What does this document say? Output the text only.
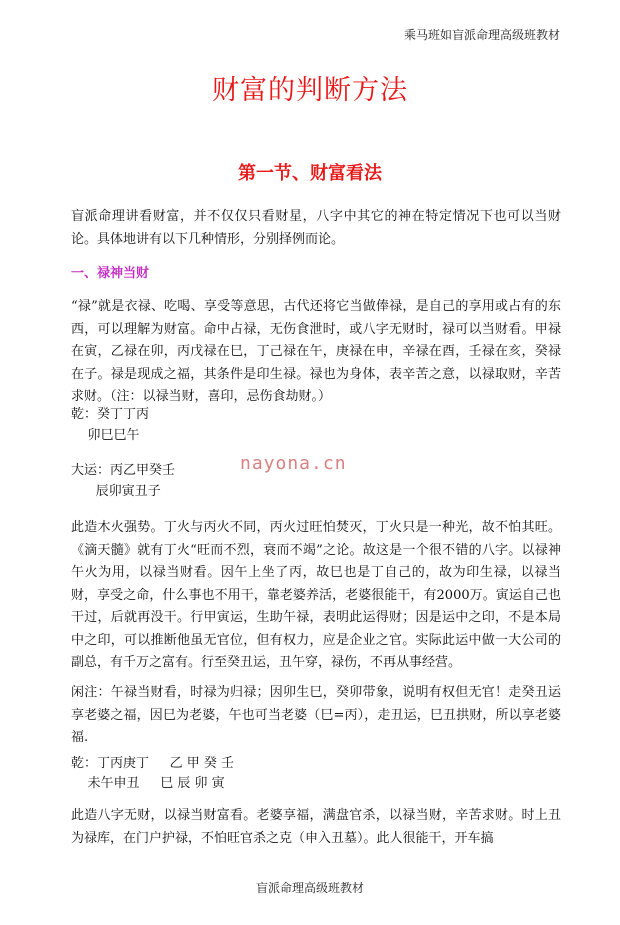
乘马班如盲派命理高级班教材
财富的判断方法
第一节、财富看法
盲派命理讲看财富，并不仅仅只看财星，八字中其它的神在特定情况下也可以当财论。具体地讲有以下几种情形，分别择例而论。
一、禄神当财
“禄”就是衣禄、吃喝、享受等意思，古代还将它当做俸禄，是自己的享用或占有的东西，可以理解为财富。命中占禄，无伤食泄时，或八字无财时，禄可以当财看。甲禄在寅，乙禄在卯，丙戊禄在巳，丁己禄在午，庚禄在申，辛禄在酉，壬禄在亥，癸禄在子。禄是现成之福，其条件是印生禄。禄也为身体，表辛苦之意，以禄取财，辛苦求财。（注：以禄当财，喜印，忌伤食劫财。）
乾：癸丁丁丙
卯巳巳午
大运：丙乙甲癸壬
辰卯寅丑子
nayona.cn
此造木火强势。丁火与丙火不同，丙火过旺怕焚灭，丁火只是一种光，故不怕其旺。《滴天髓》就有丁火“旺而不烈，衰而不竭”之论。故这是一个很不错的八字。以禄神午火为用，以禄当财看。因午上坐了丙，故巳也是丁自己的，故为印生禄，以禄当财，享受之命，什么事也不用干，靠老婆养活，老婆很能干，有2000万。寅运自己也干过，后就再没干。行甲寅运，生助午禄，表明此运得财；因是运中之印，不是本局中之印，可以推断他虽无官位，但有权力，应是企业之官。实际此运中做一大公司的副总，有千万之富有。行至癸丑运，丑午穿，禄伤，不再从事经营。
闲注：午禄当财看，时禄为归禄；因卯生巳，癸卯带象，说明有权但无官！走癸丑运享老婆之福，因巳为老婆，午也可当老婆（巳=丙），走丑运，巳丑拱财，所以享老婆福.
乾：丁丙庚丁     乙 甲 癸 壬
未午申丑     巳 辰 卯 寅
此造八字无财，以禄当财富看。老婆享福，满盘官杀，以禄当财，辛苦求财。时上丑为禄库，在门户护禄，不怕旺官杀之克（申入丑墓）。此人很能干，开车搞
盲派命理高级班教材
